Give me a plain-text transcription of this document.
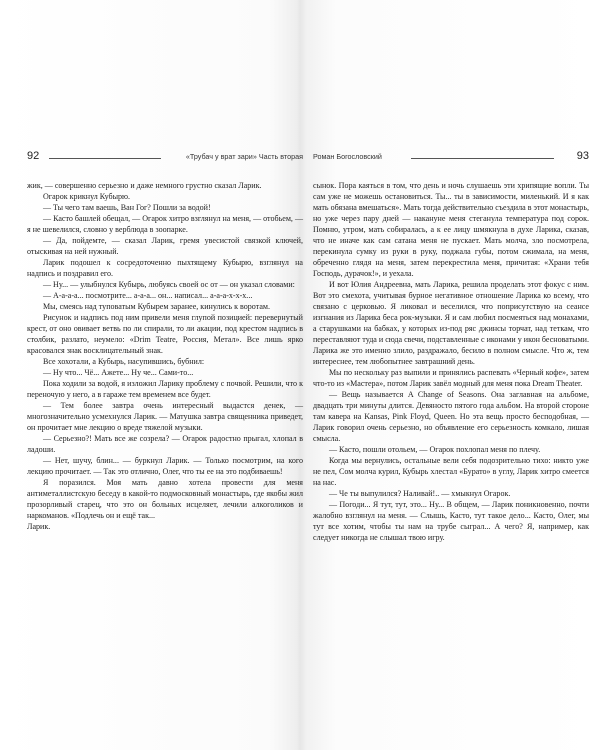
92	«Трубач у врат зари» Часть вторая

жик, — совершенно серьезно и даже немного грустно сказал Ларик.

Огарок крикнул Кубырю.

— Ты чего там ваешь, Ван Гог? Пошли за водой!

— Касто башлей обещал, — Огарок хитро взглянул на меня, — отобьем, — я не шевелился, словно у верблюда в зоопарке.

— Да, пойдемте, — сказал Ларик, гремя увесистой связкой ключей, отыскивая на ней нужный.

Ларик подошел к сосредоточенно пыхтящему Кубырю, взглянул на надпись и поздравил его.

— Ну... — улыбнулся Кубырь, любуясь своей ос от — он указал словами:

— А-а-а-а... посмотрите... а-а-а... он... написал... а-а-а-х-х-х...

Мы, смеясь над туповатым Кубырем заранее, кинулись к воротам.

Рисунок и надпись под ним привели меня глупой позицией: перевернутый крест, от оно овивает ветвь по ли спирали, то ли акации, под крестом надпись в столбик, разлато, неумело: «Drim Teatre, Россия, Метал». Все лишь ярко красовался знак восклицательный знак.

Все хохотали, а Кубырь, насупившись, бубнил:

— Ну что... Чё... Ажете... Ну че... Сами-то...

Пока ходили за водой, я изложил Ларику проблему с почвой. Решили, что к переночую у него, а в гараже тем временем все будет.

— Тем более завтра очень интересный выдастся денек, — многозначительно усмехнулся Ларик. — Матушка завтра священника приведет, он прочитает мне лекцию о вреде тяжелой музыки.

— Серьезно?! Мать все же созрела? — Огарок радостно прыгал, хлопал в ладоши.

— Нет, шучу, блин... — буркнул Ларик. — Только посмотрим, на кого лекцию прочитает. — Так это отлично, Олег, что ты ее на это подбиваешь!

Я поразился. Моя мать давно хотела провести для меня антиметаллистскую беседу в какой-то подмосковный монастырь, где якобы жил прозорливый старец, что это он больных исцеляет, лечили алкоголиков и наркоманов. «Подлечь он и ещё так...

Ларик.

Роман Богословский	93

сынок. Пора каяться в том, что день и ночь слушаешь эти хрипящие вопли. Ты сам уже не можешь остановиться. Ты... ты в зависимости, миленький. И я как мать обязана вмешаться». Мать тогда действительно съездила в этот монастырь, но уже через пару дней — накануне меня стеганула температура под сорок. Помню, утром, мать собиралась, а к ее лицу шмякнула в духе Ларика, сказав, что не иначе как сам сатана меня не пускает. Мать молча, зло посмотрела, перекинула сумку из руки в руку, поджала губы, потом сжимала, на меня, обреченно глядя на меня, затем перекрестила меня, причитая: «Храни тебя Господь, дурачок!», и уехала.

И вот Юлия Андреевна, мать Ларика, решила проделать этот фокус с ним. Вот это смехота, учитывая бурное негативное отношение Ларика ко всему, что связано с церковью. Я ликовал и веселился, что поприсутствую на сеансе изгнания из Ларика беса рок-музыки. Я и сам любил посмеяться над монахами, а старушками на бабках, у которых из-под ряс джинсы торчат, над теткам, что переставляют туда и сюда свечи, подставленные с иконами у икон бесноватыми. Ларика же это именно злило, раздражало, бесило в полном смысле. Что ж, тем интереснее, тем любопытнее завтрашний день.

Мы по нескольку раз выпили и принялись распевать «Черный кофе», затем что-то из «Мастера», потом Ларик завёл модный для меня пока Dream Theater.

— Вещь называется A Change of Seasons. Она заглавная на альбоме, двадцать три минуты длится. Девяносто пятого года альбом. На второй стороне там кавера на Kansas, Pink Floyd, Queen. Но эта вещь просто бесподобная, — Ларик говорил очень серьезно, но объявление его серьезность комкало, лишая смысла.

— Касто, пошли отольем, — Огарок похлопал меня по плечу.

Когда мы вернулись, остальные вели себя подозрительно тихо: никто уже не пел, Сом молча курил, Кубырь хлестал «Бурато» в углу, Ларик хитро смеется на нас.

— Че ты выпулился? Наливай!.. — хмыкнул Огарок.

— Погоди... Я тут, тут, это... Ну... В общем, — Ларик поникновенно, почти жалобно взглянул на меня. — Слышь, Касто, тут такое дело... Касто, Олег, мы тут все хотим, чтобы ты нам на трубе сыграл... А чего? Я, например, как следует никогда не слышал твою игру.
